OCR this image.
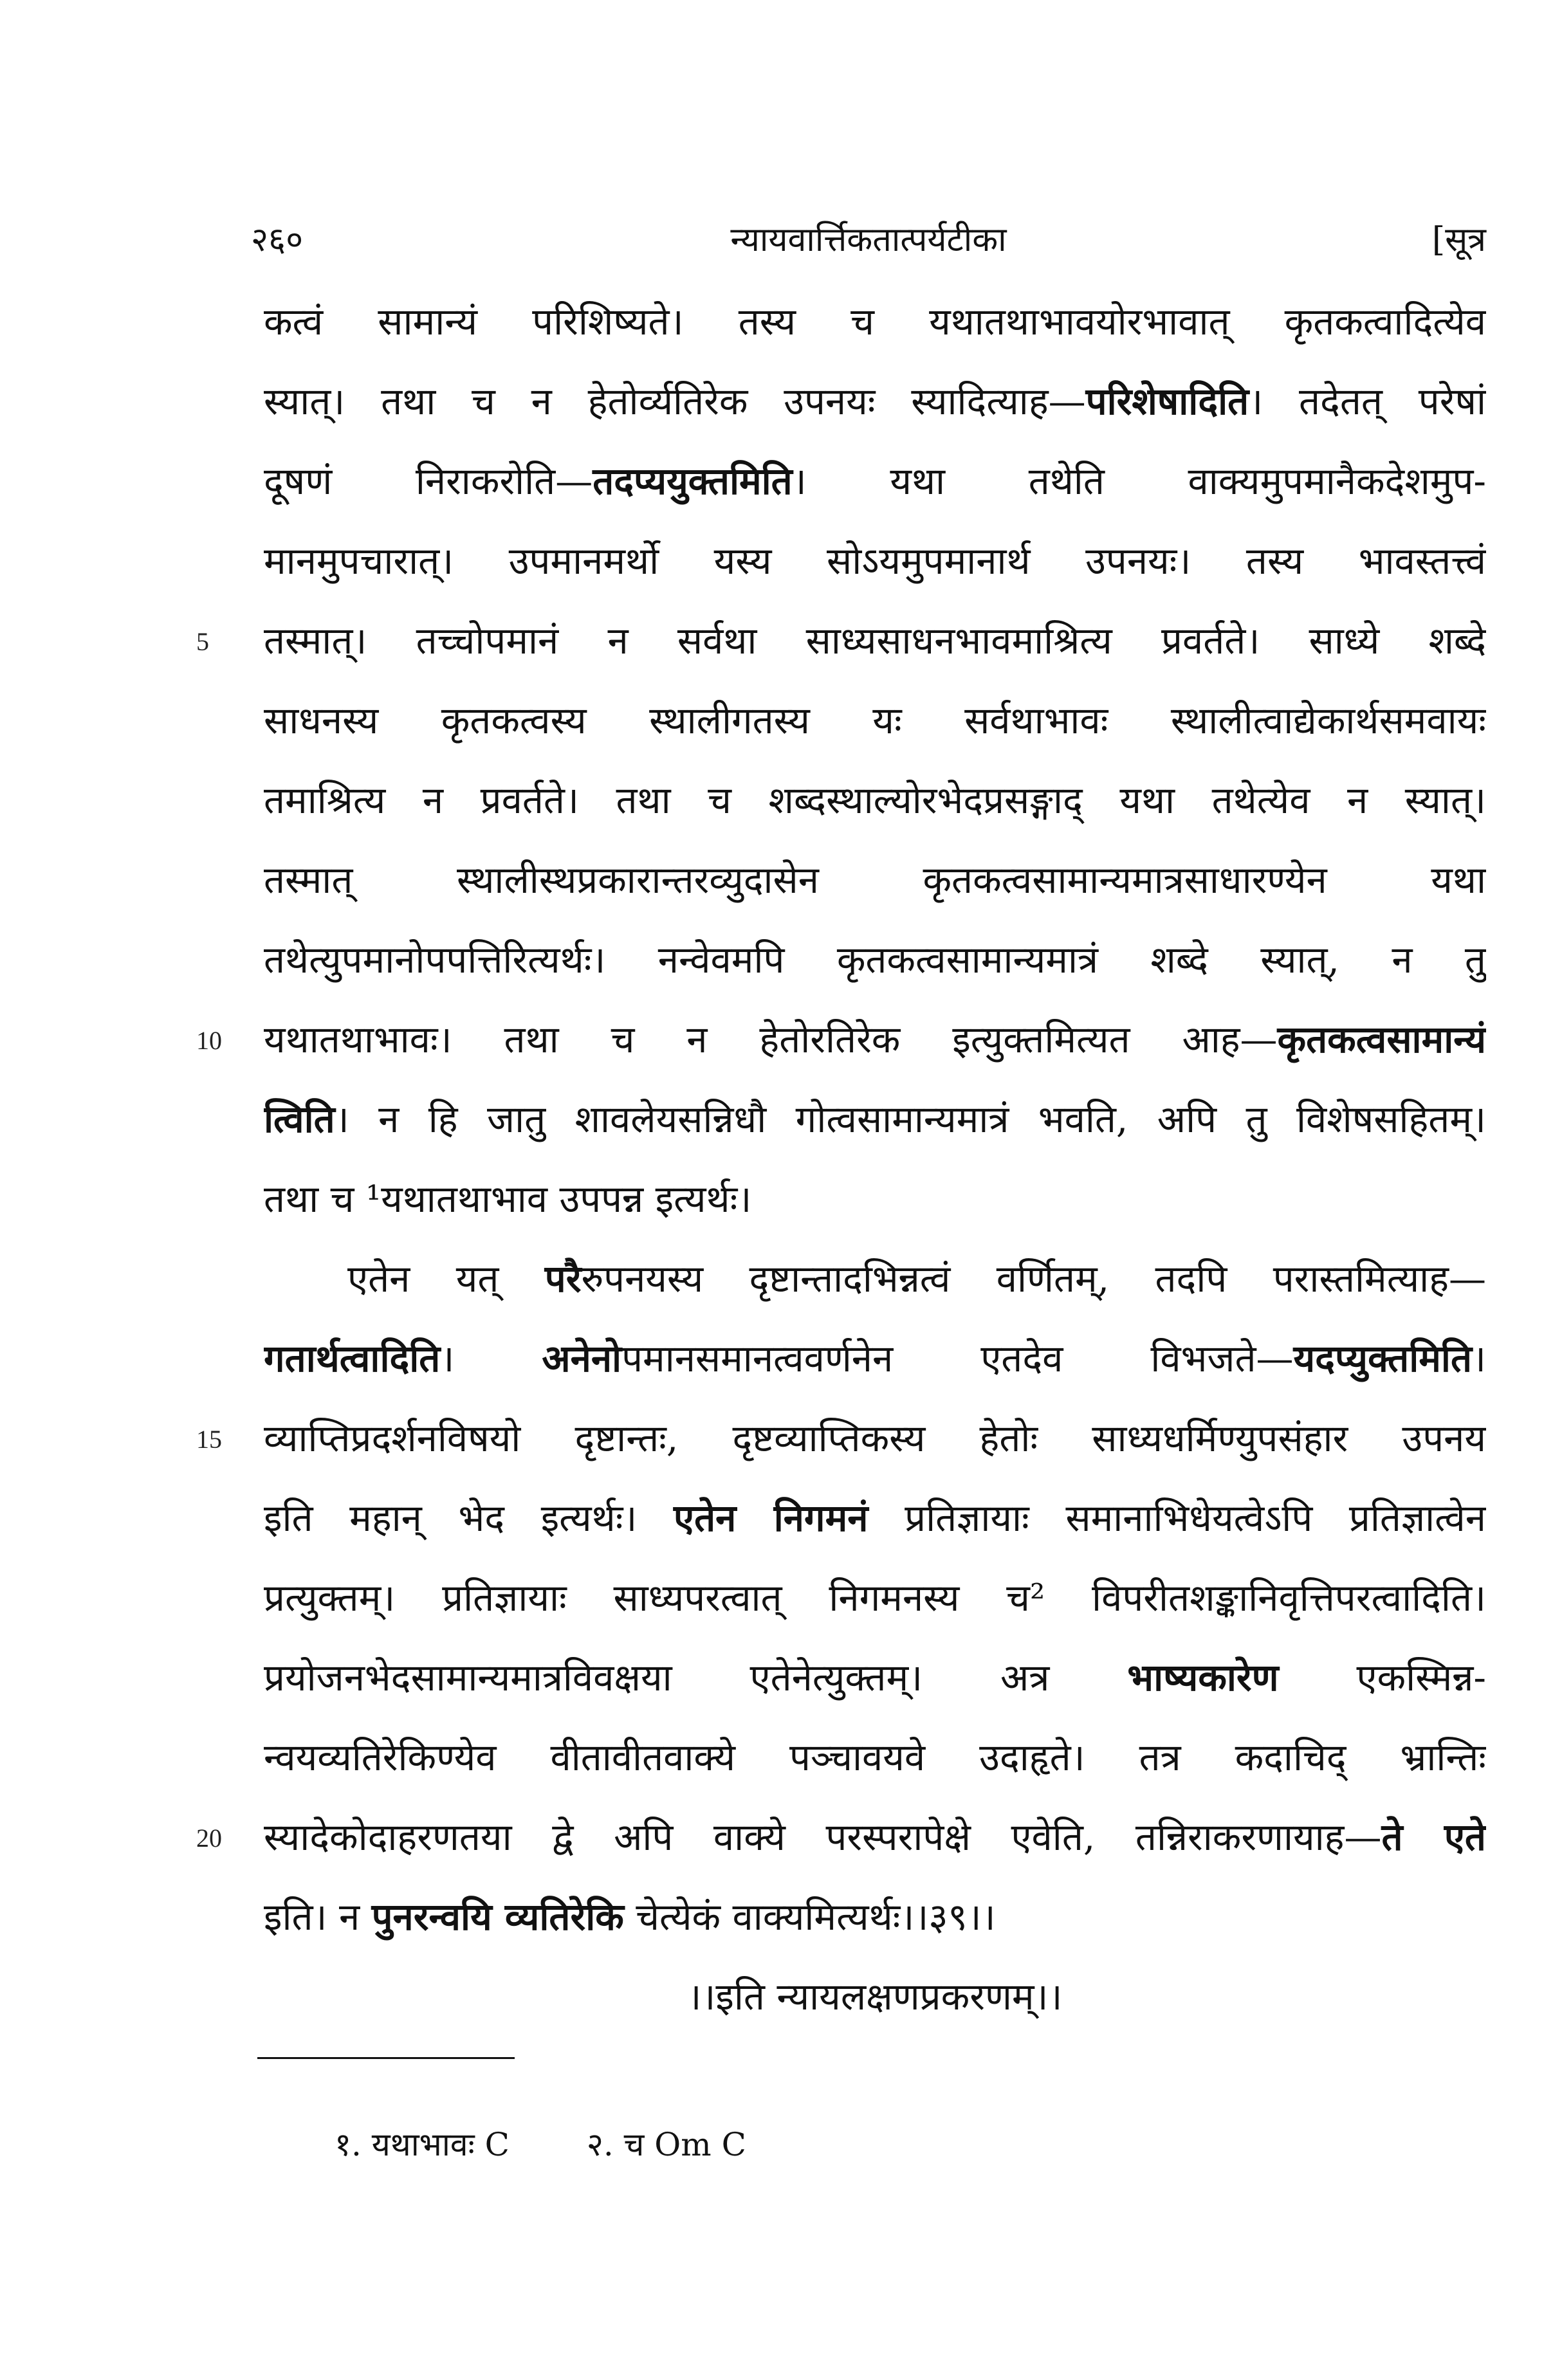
२६०	न्यायवार्त्तिकतात्पर्यटीका	[सूत्र
कत्वं सामान्यं परिशिष्यते। तस्य च यथातथाभावयोरभावात् कृतकत्वादित्येव
स्यात्। तथा च न हेतोर्व्यतिरेक उपनयः स्यादित्याह—परिशेषादिति। तदेतत् परेषां
दूषणं निराकरोति—तदप्ययुक्तमिति। यथा तथेति वाक्यमुपमानैकदेशमुप-
मानमुपचारात्। उपमानमर्थो यस्य सोऽयमुपमानार्थ उपनयः। तस्य भावस्तत्त्वं
तस्मात्। तच्चोपमानं न सर्वथा साध्यसाधनभावमाश्रित्य प्रवर्तते। साध्ये शब्दे
साधनस्य कृतकत्वस्य स्थालीगतस्य यः सर्वथाभावः स्थालीत्वाद्येकार्थसमवायः
तमाश्रित्य न प्रवर्तते। तथा च शब्दस्थाल्योरभेदप्रसङ्गाद् यथा तथेत्येव न स्यात्।
तस्मात् स्थालीस्थप्रकारान्तरव्युदासेन कृतकत्वसामान्यमात्रसाधारण्येन यथा
तथेत्युपमानोपपत्तिरित्यर्थः। नन्वेवमपि कृतकत्वसामान्यमात्रं शब्दे स्यात्, न तु
यथातथाभावः। तथा च न हेतोरतिरेक इत्युक्तमित्यत आह—कृतकत्वसामान्यं
त्विति। न हि जातु शावलेयसन्निधौ गोत्वसामान्यमात्रं भवति, अपि तु विशेषसहितम्।
तथा च ¹यथातथाभाव उपपन्न इत्यर्थः।
एतेन यत् परैरुपनयस्य दृष्टान्तादभिन्नत्वं वर्णितम्, तदपि परास्तमित्याह—
गतार्थत्वादिति। अनेनोपमानसमानत्ववर्णनेन एतदेव विभजते—यदप्युक्तमिति।
व्याप्तिप्रदर्शनविषयो दृष्टान्तः, दृष्टव्याप्तिकस्य हेतोः साध्यधर्मिण्युपसंहार उपनय
इति महान् भेद इत्यर्थः। एतेन निगमनं प्रतिज्ञायाः समानाभिधेयत्वेऽपि प्रतिज्ञात्वेन
प्रत्युक्तम्। प्रतिज्ञायाः साध्यपरत्वात् निगमनस्य च² विपरीतशङ्कानिवृत्तिपरत्वादिति।
प्रयोजनभेदसामान्यमात्रविवक्षया एतेनेत्युक्तम्। अत्र भाष्यकारेण एकस्मिन्न-
न्वयव्यतिरेकिण्येव वीतावीतवाक्ये पञ्चावयवे उदाहृते। तत्र कदाचिद् भ्रान्तिः
स्यादेकोदाहरणतया द्वे अपि वाक्ये परस्परापेक्षे एवेति, तन्निराकरणायाह—ते एते
इति। न पुनरन्वयि व्यतिरेकि चेत्येकं वाक्यमित्यर्थः।।३९।।
।।इति न्यायलक्षणप्रकरणम्।।
१. यथाभावः C २. च Om C
5
10
15
20
